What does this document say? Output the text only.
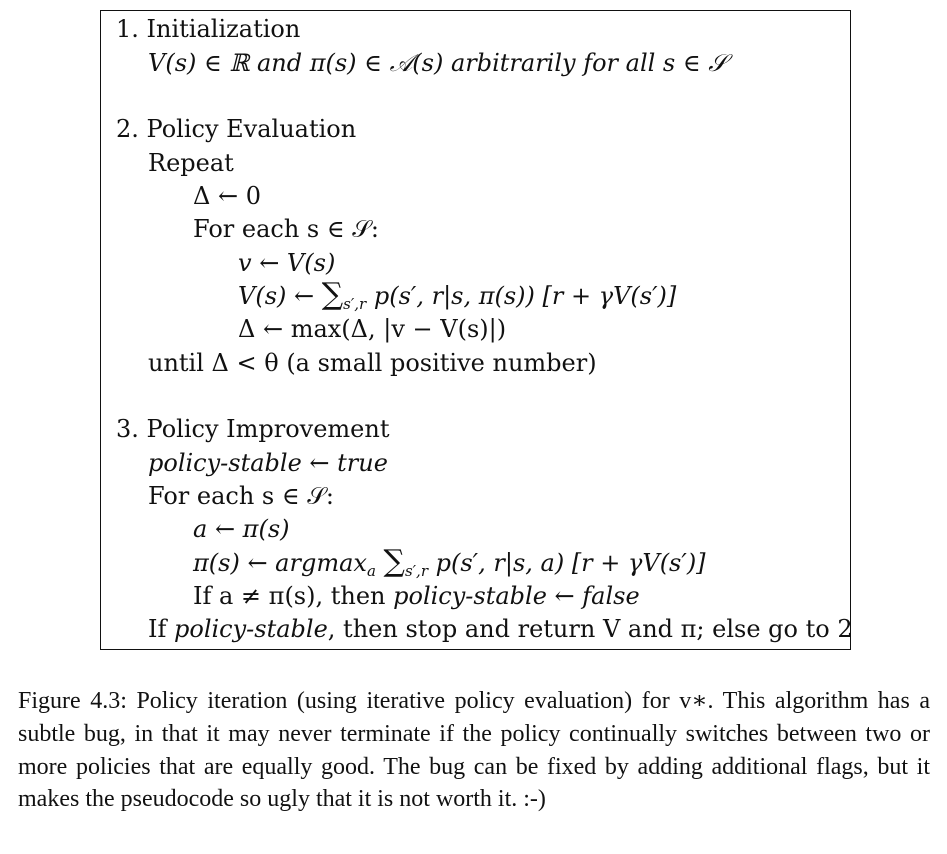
1. Initialization
V(s) ∈ ℝ and π(s) ∈ 𝒜(s) arbitrarily for all s ∈ 𝒮
2. Policy Evaluation
Repeat
Δ ← 0
For each s ∈ 𝒮:
v ← V(s)
V(s) ← $\sum_{s',r}$ p(s′, r|s, π(s)) [r + γV(s′)]
Δ ← max(Δ, |v − V(s)|)
until Δ < θ (a small positive number)
3. Policy Improvement
policy-stable ← true
For each s ∈ 𝒮:
a ← π(s)
π(s) ← argmax$_a$ $\sum_{s',r}$ p(s′, r|s, a) [r + γV(s′)]
If a ≠ π(s), then policy-stable ← false
If policy-stable, then stop and return V and π; else go to 2
Figure 4.3: Policy iteration (using iterative policy evaluation) for v∗. This algorithm has a subtle bug, in that it may never terminate if the policy continually switches between two or more policies that are equally good. The bug can be fixed by adding additional flags, but it makes the pseudocode so ugly that it is not worth it. :-)
